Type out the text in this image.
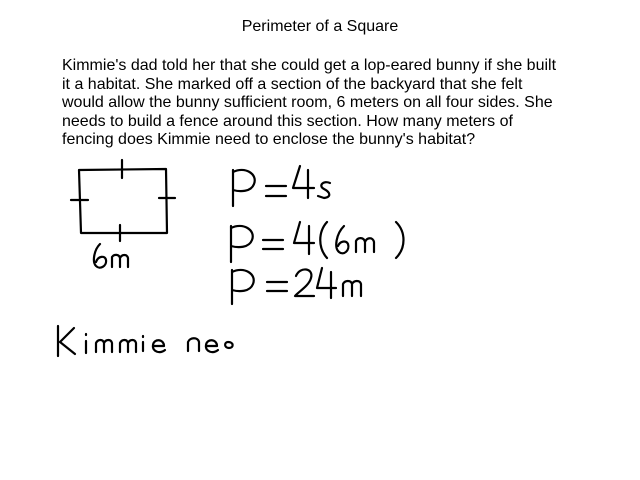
Perimeter of a Square

Kimmie's dad told her that she could get a lop-eared bunny if she built
it a habitat. She marked off a section of the backyard that she felt
would allow the bunny sufficient room, 6 meters on all four sides. She
needs to build a fence around this section. How many meters of
fencing does Kimmie need to enclose the bunny's habitat?
